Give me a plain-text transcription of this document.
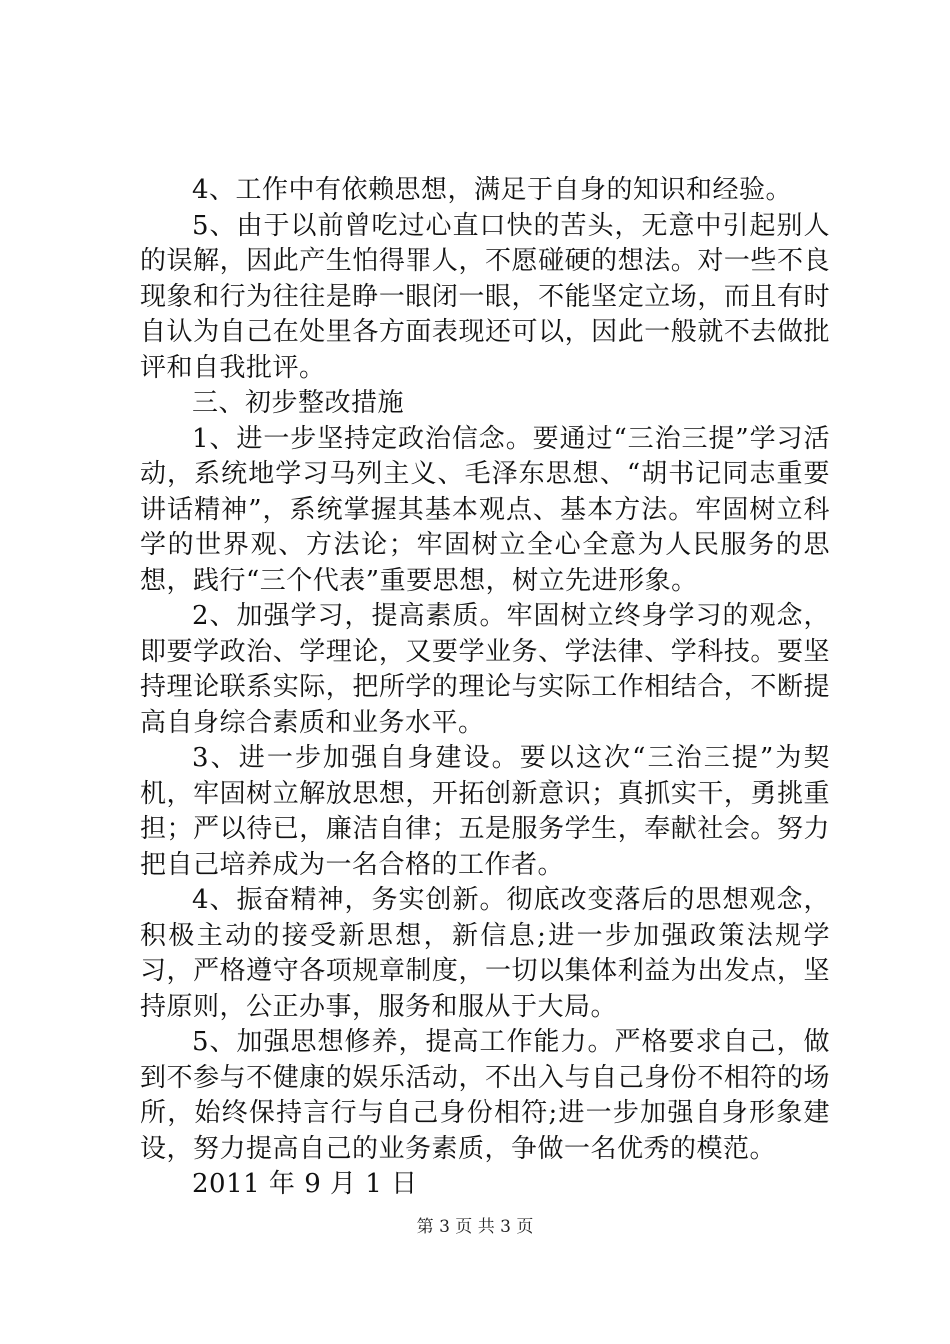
4、工作中有依赖思想，满足于自身的知识和经验。

5、由于以前曾吃过心直口快的苦头，无意中引起别人的误解，因此产生怕得罪人，不愿碰硬的想法。对一些不良现象和行为往往是睁一眼闭一眼，不能坚定立场，而且有时自认为自己在处里各方面表现还可以，因此一般就不去做批评和自我批评。

三、初步整改措施

1、进一步坚持定政治信念。要通过“三治三提”学习活动，系统地学习马列主义、毛泽东思想、“胡书记同志重要讲话精神”，系统掌握其基本观点、基本方法。牢固树立科学的世界观、方法论；牢固树立全心全意为人民服务的思想，践行“三个代表”重要思想，树立先进形象。

2、加强学习，提高素质。牢固树立终身学习的观念，即要学政治、学理论，又要学业务、学法律、学科技。要坚持理论联系实际，把所学的理论与实际工作相结合，不断提高自身综合素质和业务水平。

3、进一步加强自身建设。要以这次“三治三提”为契机，牢固树立解放思想，开拓创新意识；真抓实干，勇挑重担；严以待已，廉洁自律；五是服务学生，奉献社会。努力把自己培养成为一名合格的工作者。

4、振奋精神，务实创新。彻底改变落后的思想观念，积极主动的接受新思想，新信息;进一步加强政策法规学习，严格遵守各项规章制度，一切以集体利益为出发点，坚持原则，公正办事，服务和服从于大局。

5、加强思想修养，提高工作能力。严格要求自己，做到不参与不健康的娱乐活动，不出入与自己身份不相符的场所，始终保持言行与自己身份相符;进一步加强自身形象建设，努力提高自己的业务素质，争做一名优秀的模范。

2011 年 9 月 1 日

第 3 页 共 3 页
